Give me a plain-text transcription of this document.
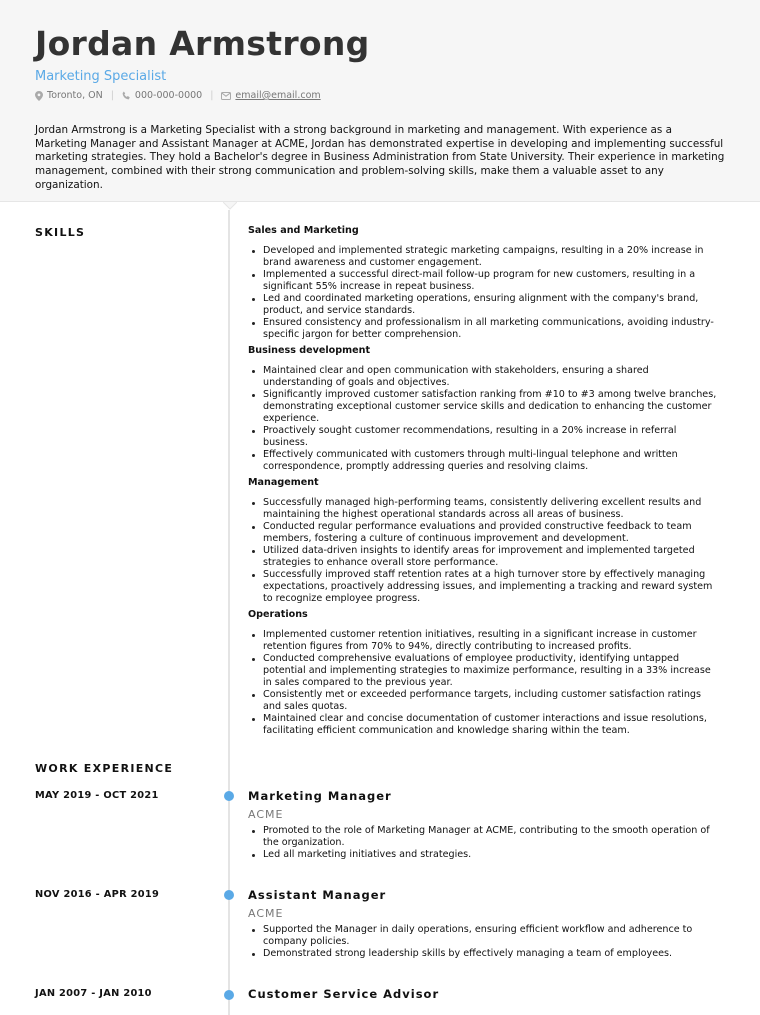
Jordan Armstrong
Marketing Specialist
Toronto, ON | 000-000-0000 | email@email.com
Jordan Armstrong is a Marketing Specialist with a strong background in marketing and management. With experience as a Marketing Manager and Assistant Manager at ACME, Jordan has demonstrated expertise in developing and implementing successful marketing strategies. They hold a Bachelor's degree in Business Administration from State University. Their experience in marketing management, combined with their strong communication and problem-solving skills, make them a valuable asset to any organization.
SKILLS	Sales and Marketing
Developed and implemented strategic marketing campaigns, resulting in a 20% increase in brand awareness and customer engagement.
Implemented a successful direct-mail follow-up program for new customers, resulting in a significant 55% increase in repeat business.
Led and coordinated marketing operations, ensuring alignment with the company's brand, product, and service standards.
Ensured consistency and professionalism in all marketing communications, avoiding industry-specific jargon for better comprehension.
Business development
Maintained clear and open communication with stakeholders, ensuring a shared understanding of goals and objectives.
Significantly improved customer satisfaction ranking from #10 to #3 among twelve branches, demonstrating exceptional customer service skills and dedication to enhancing the customer experience.
Proactively sought customer recommendations, resulting in a 20% increase in referral business.
Effectively communicated with customers through multi-lingual telephone and written correspondence, promptly addressing queries and resolving claims.
Management
Successfully managed high-performing teams, consistently delivering excellent results and maintaining the highest operational standards across all areas of business.
Conducted regular performance evaluations and provided constructive feedback to team members, fostering a culture of continuous improvement and development.
Utilized data-driven insights to identify areas for improvement and implemented targeted strategies to enhance overall store performance.
Successfully improved staff retention rates at a high turnover store by effectively managing expectations, proactively addressing issues, and implementing a tracking and reward system to recognize employee progress.
Operations
Implemented customer retention initiatives, resulting in a significant increase in customer retention figures from 70% to 94%, directly contributing to increased profits.
Conducted comprehensive evaluations of employee productivity, identifying untapped potential and implementing strategies to maximize performance, resulting in a 33% increase in sales compared to the previous year.
Consistently met or exceeded performance targets, including customer satisfaction ratings and sales quotas.
Maintained clear and concise documentation of customer interactions and issue resolutions, facilitating efficient communication and knowledge sharing within the team.
WORK EXPERIENCE
MAY 2019 - OCT 2021	Marketing Manager
ACME
Promoted to the role of Marketing Manager at ACME, contributing to the smooth operation of the organization.
Led all marketing initiatives and strategies.
NOV 2016 - APR 2019	Assistant Manager
ACME
Supported the Manager in daily operations, ensuring efficient workflow and adherence to company policies.
Demonstrated strong leadership skills by effectively managing a team of employees.
JAN 2007 - JAN 2010	Customer Service Advisor
